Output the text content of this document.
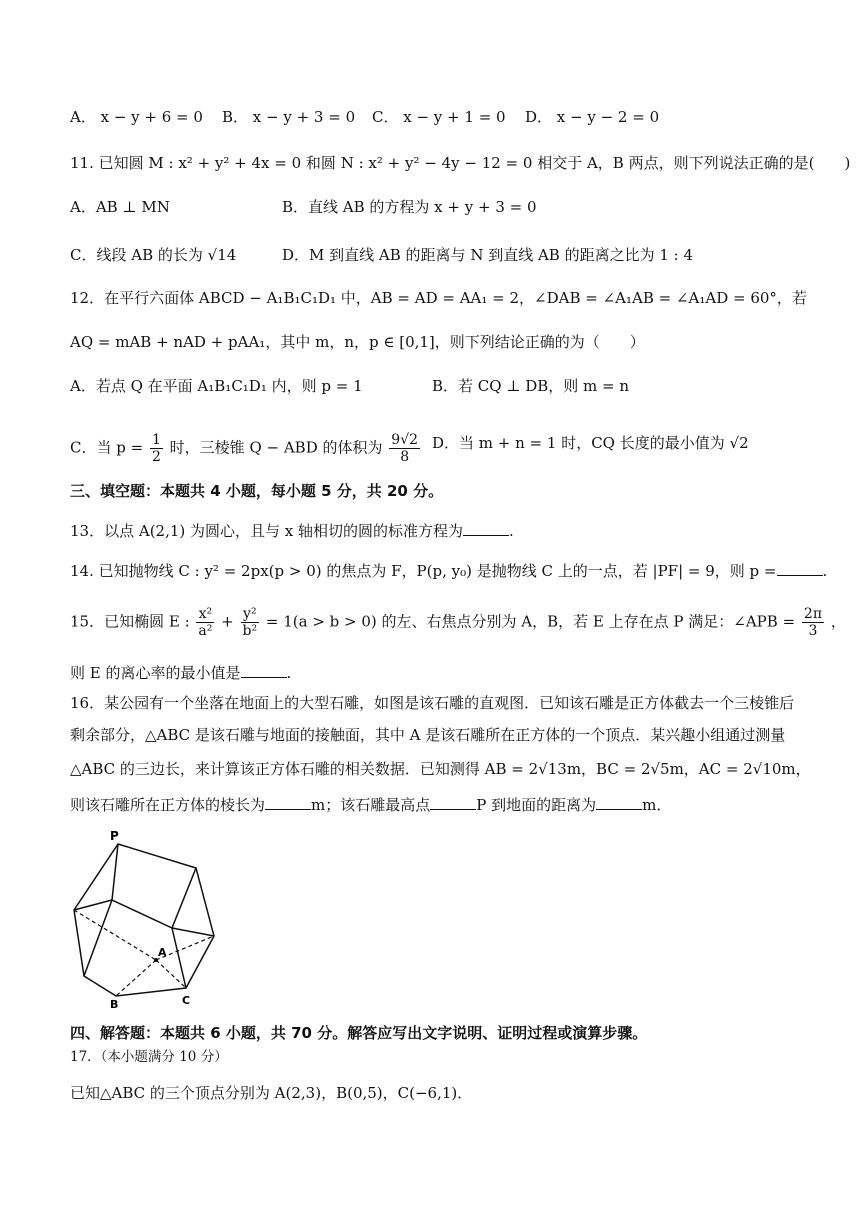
A． x − y + 6 = 0 B． x − y + 3 = 0 C． x − y + 1 = 0 D． x − y − 2 = 0
11. 已知圆 M : x² + y² + 4x = 0 和圆 N : x² + y² − 4y − 12 = 0 相交于 A，B 两点，则下列说法正确的是(　　)
A．AB ⊥ MN	B．直线 AB 的方程为 x + y + 3 = 0
C．线段 AB 的长为 √14	D．M 到直线 AB 的距离与 N 到直线 AB 的距离之比为 1 : 4
12．在平行六面体 ABCD − A₁B₁C₁D₁ 中，AB = AD = AA₁ = 2，∠DAB = ∠A₁AB = ∠A₁AD = 60°，若
AQ = mAB + nAD + pAA₁，其中 m，n，p ∈ [0,1]，则下列结论正确的为（　　）
A．若点 Q 在平面 A₁B₁C₁D₁ 内，则 p = 1	B．若 CQ ⊥ DB，则 m = n
C．当 $p = \frac{1}{2}$ 时，三棱锥 Q − ABD 的体积为 $\frac{9√2}{8}$ D．当 m + n = 1 时，CQ 长度的最小值为 √2
三、填空题：本题共 4 小题，每小题 5 分，共 20 分。
13．以点 A(2,1) 为圆心，且与 x 轴相切的圆的标准方程为	.
14. 已知抛物线 C : y² = 2px(p > 0) 的焦点为 F，P(p, y₀) 是抛物线 C 上的一点，若 |PF| = 9，则 p =	.
15．已知椭圆 E : $\frac{\text{x²}}{\text{a²}} + \frac{\text{y²}}{\text{b²}} = 1(a > b > 0)$ 的左、右焦点分别为 A，B，若 E 上存在点 P 满足：∠APB = $\frac{2\pi}{3}$ ，
则 E 的离心率的最小值是	.
16．某公园有一个坐落在地面上的大型石雕，如图是该石雕的直观图．已知该石雕是正方体截去一个三棱锥后
剩余部分，△ABC 是该石雕与地面的接触面，其中 A 是该石雕所在正方体的一个顶点．某兴趣小组通过测量
△ABC 的三边长，来计算该正方体石雕的相关数据．已知测得 AB = 2√13m，BC = 2√5m，AC = 2√10m，
则该石雕所在正方体的棱长为	m；该石雕最高点	P 到地面的距离为	m．
P
A
B	C
四、解答题：本题共 6 小题，共 70 分。解答应写出文字说明、证明过程或演算步骤。
17．（本小题满分 10 分）
已知△ABC 的三个顶点分别为 A(2,3)，B(0,5)，C(−6,1)．
